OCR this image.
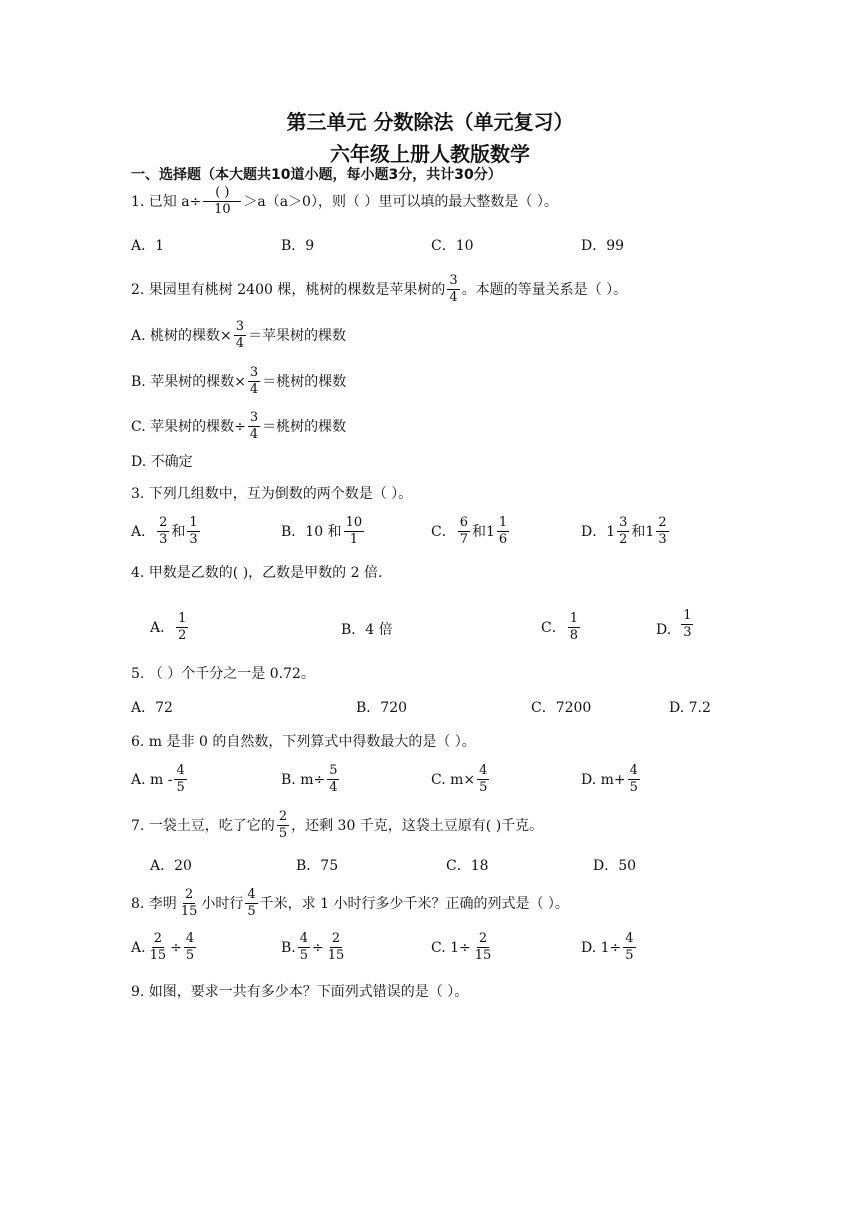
第三单元 分数除法（单元复习）
六年级上册人教版数学
一、选择题（本大题共10道小题，每小题3分，共计30分）
1. 已知 $a\div \frac{( )}{10} >a(a>0)$，则（ ）里可以填的最大整数是（ ）。
A．1	B．9	C．10	D．99
2. 果园里有桃树 2400 棵，桃树的棵数是苹果树的 $\frac{3}{4}$ 。本题的等量关系是（ ）。
A. 桃树的棵数× $\frac{3}{4}$ ＝苹果树的棵数
B. 苹果树的棵数× $\frac{3}{4}$ ＝桃树的棵数
C. 苹果树的棵数÷ $\frac{3}{4}$ ＝桃树的棵数
D. 不确定
3. 下列几组数中，互为倒数的两个数是（ ）。
A． $\frac{2}{3}$ 和 $\frac{1}{3}$	B．10 和 $\frac{10}{1}$	C． $\frac{6}{7}$ 和$1 \frac{1}{6}$	D．$1 \frac{3}{2}$ 和$1 \frac{2}{3}$
4. 甲数是乙数的( )，乙数是甲数的 2 倍.
A． $\frac{1}{2}$	B．4 倍	C． $\frac{1}{8}$	D. $\frac{1}{3}$
5. （ ）个千分之一是 0.72。
A．72	B．720	C．7200	D. 7.2
6. m 是非 0 的自然数，下列算式中得数最大的是（ ）。
A. m - $\frac{4}{5}$	B. $m\div \frac{5}{4}$	C. $m\times \frac{4}{5}$	D. $m+ \frac{4}{5}$
7. 一袋土豆，吃了它的 $\frac{2}{5}$ ，还剩 30 千克，这袋土豆原有( )千克。
A．20	B．75	C．18	D．50
8. 李明 $\frac{2}{15}$ 小时行 $\frac{4}{5}$ 千米，求 1 小时行多少千米？正确的列式是（ ）。
A. $\frac{2}{15} \div \frac{4}{5}$	B. $\frac{4}{5} \div \frac{2}{15}$	C. $1\div \frac{2}{15}$	D. $1\div \frac{4}{5}$
9. 如图，要求一共有多少本？下面列式错误的是（ ）。
